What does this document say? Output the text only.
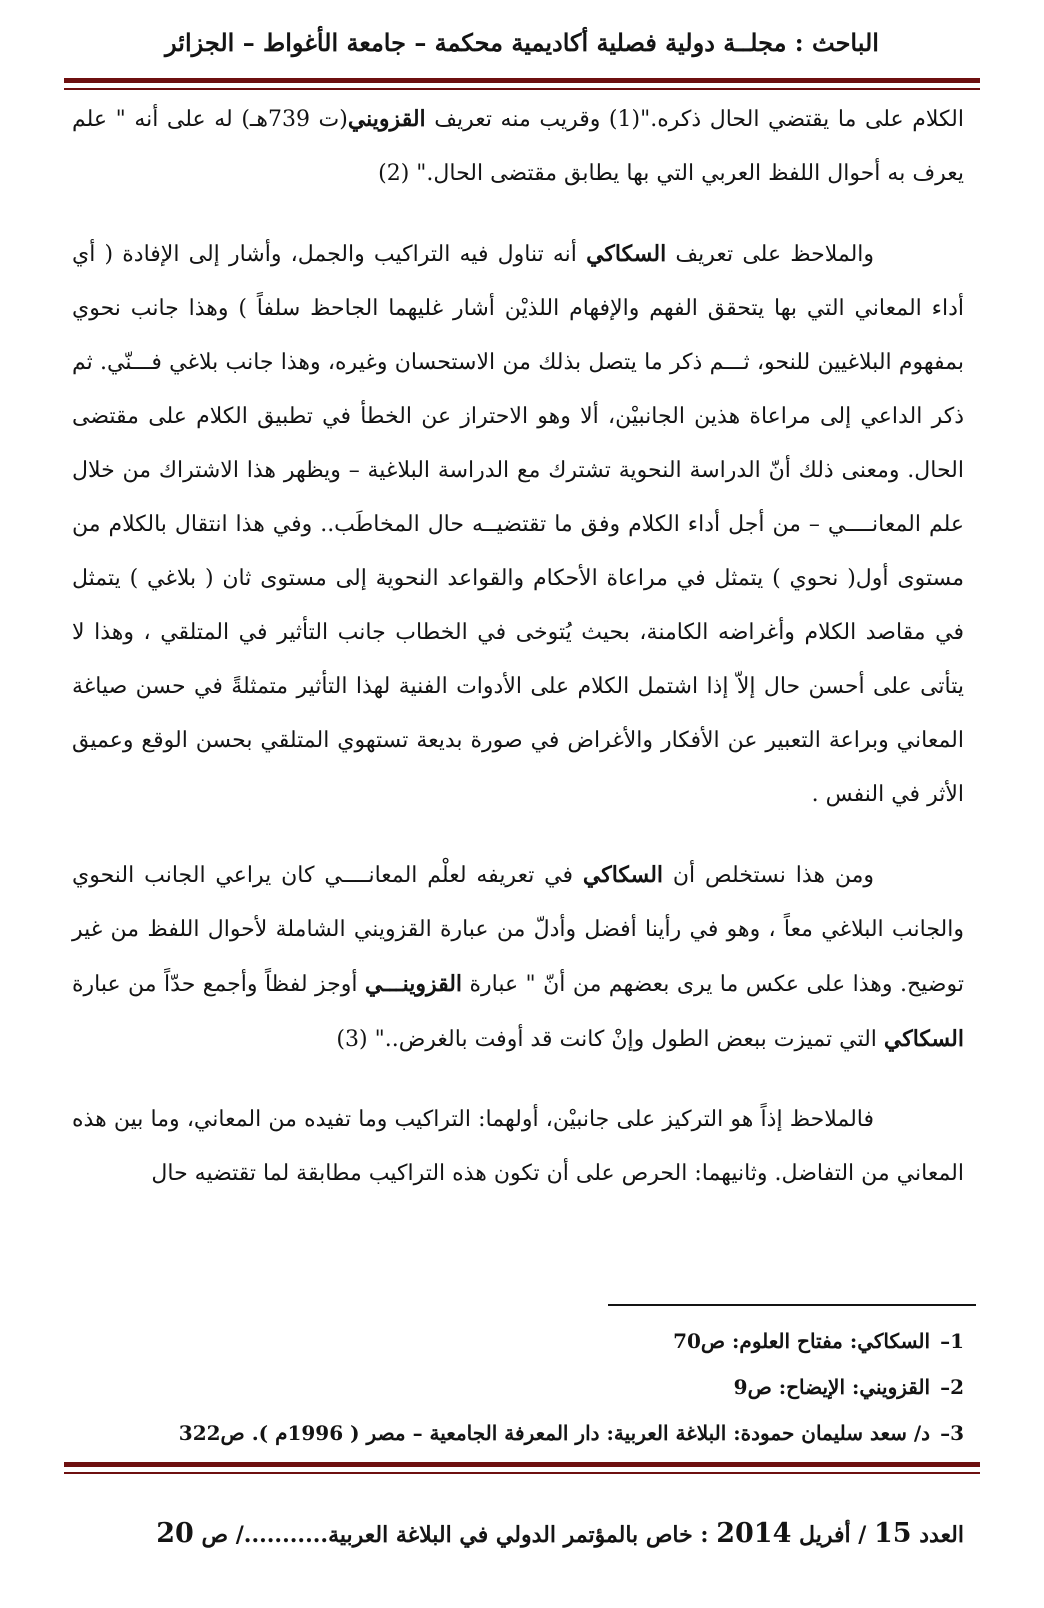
الباحث : مجلــة دولية فصلية أكاديمية محكمة – جامعة الأغواط – الجزائر

الكلام على ما يقتضي الحال ذكره."(1) وقريب منه تعريف القزويني(ت 739هـ) له على أنه " علم يعرف به أحوال اللفظ العربي التي بها يطابق مقتضى الحال." (2)

والملاحظ على تعريف السكاكي أنه تناول فيه التراكيب والجمل، وأشار إلى الإفادة ( أي أداء المعاني التي بها يتحقق الفهم والإفهام اللذيْن أشار غليهما الجاحظ سلفاً ) وهذا جانب نحوي بمفهوم البلاغيين للنحو، ثـــم ذكر ما يتصل بذلك من الاستحسان وغيره، وهذا جانب بلاغي فـــنّي. ثم ذكر الداعي إلى مراعاة هذين الجانبيْن، ألا وهو الاحتراز عن الخطأ في تطبيق الكلام على مقتضى الحال. ومعنى ذلك أنّ الدراسة النحوية تشترك مع الدراسة البلاغية – ويظهر هذا الاشتراك من خلال علم المعانــــي – من أجل أداء الكلام وفق ما تقتضيــه حال المخاطَب.. وفي هذا انتقال بالكلام من مستوى أول( نحوي ) يتمثل في مراعاة الأحكام والقواعد النحوية إلى مستوى ثان ( بلاغي ) يتمثل في مقاصد الكلام وأغراضه الكامنة، بحيث يُتوخى في الخطاب جانب التأثير في المتلقي ، وهذا لا يتأتى على أحسن حال إلاّ إذا اشتمل الكلام على الأدوات الفنية لهذا التأثير متمثلةً في حسن صياغة المعاني وبراعة التعبير عن الأفكار والأغراض في صورة بديعة تستهوي المتلقي بحسن الوقع وعميق الأثر في النفس .

ومن هذا نستخلص أن السكاكي في تعريفه لعلْم المعانــــي كان يراعي الجانب النحوي والجانب البلاغي معاً ، وهو في رأينا أفضل وأدلّ من عبارة القزويني الشاملة لأحوال اللفظ من غير توضيح. وهذا على عكس ما يرى بعضهم من أنّ " عبارة القزوينـــي أوجز لفظاً وأجمع حدّاً من عبارة السكاكي التي تميزت ببعض الطول وإنْ كانت قد أوفت بالغرض.." (3)

فالملاحظ إذاً هو التركيز على جانبيْن، أولهما: التراكيب وما تفيده من المعاني، وما بين هذه المعاني من التفاضل. وثانيهما: الحرص على أن تكون هذه التراكيب مطابقة لما تقتضيه حال

1–السكاكي: مفتاح العلوم: ص70
2–القزويني: الإيضاح: ص9
3–د/ سعد سليمان حمودة: البلاغة العربية: دار المعرفة الجامعية – مصر ( 1996م ). ص322
العدد 15 / أفريل 2014 : خاص بالمؤتمر الدولي في البلاغة العربية.........../ ص 20
